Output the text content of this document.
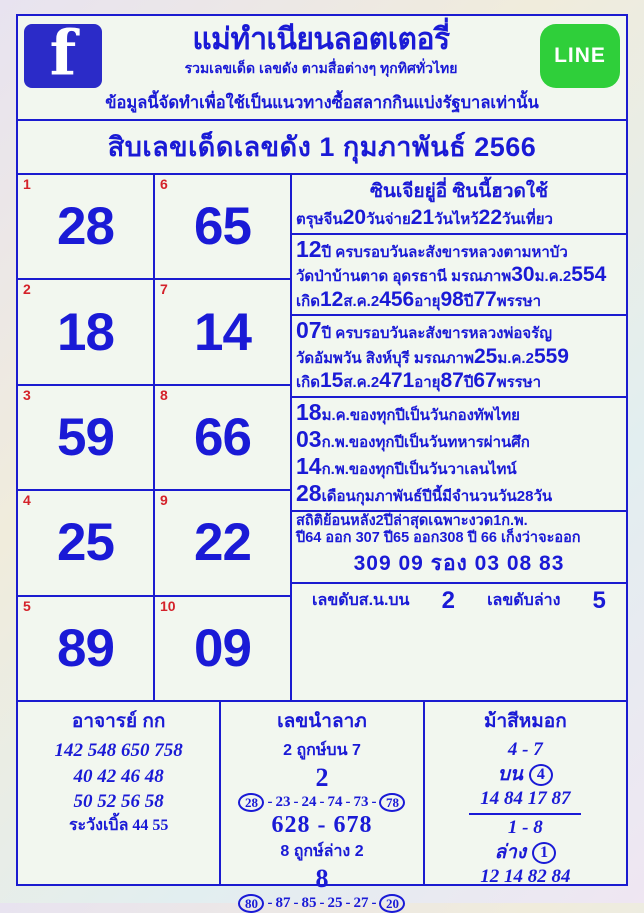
f
แม่ทำเนียนลอตเตอรี่
รวมเลขเด็ด เลขดัง ตามสื่อต่างๆ ทุกทิศทั่วไทย
LINE
ข้อมูลนี้จัดทำเพื่อใช้เป็นแนวทางซื้อสลากกินแบ่งรัฐบาลเท่านั้น
สิบเลขเด็ดเลขดัง 1 กุมภาพันธ์ 2566
1
28
6
65
2
18
7
14
3
59
8
66
4
25
9
22
5
89
10
09
ซินเจียยู่อี่ ซินนี้ฮวดใช้
ตรุษจีน20วันจ่าย21วันไหว้22วันเที่ยว
12ปี ครบรอบวันละสังขารหลวงตามหาบัว
วัดป่าบ้านตาด อุดรธานี มรณภาพ30ม.ค.2554
เกิด12ส.ค.2456อายุ98ปี77พรรษา
07ปี ครบรอบวันละสังขารหลวงพ่อจรัญ
วัดอัมพวัน สิงห์บุรี มรณภาพ25ม.ค.2559
เกิด15ส.ค.2471อายุ87ปี67พรรษา
18ม.ค.ของทุกปีเป็นวันกองทัพไทย
03ก.พ.ของทุกปีเป็นวันทหารผ่านศึก
14ก.พ.ของทุกปีเป็นวันวาเลนไทน์
28เดือนกุมภาพันธ์ปีนี้มีจำนวนวัน28วัน
สถิติย้อนหลัง2ปีล่าสุดเฉพาะงวด1ก.พ.
ปี64 ออก 307 ปี65 ออก308 ปี 66 เก็งว่าจะออก
309 09 รอง 03 08 83
เลขดับส.น.บน 2 เลขดับล่าง 5
อาจารย์ กก
142 548 650 758
40 42 46 48
50 52 56 58
ระวังเบิ้ล 44 55
เลขนำลาภ
2 ถูกษ์บน 7
2
28 - 23 - 24 - 74 - 73 - 78
628 - 678
8 ถูกษ์ล่าง 2
8
80 - 87 - 85 - 25 - 27 - 20
ม้าสีหมอก
4 - 7
บน 4
14 84 17 87
1 - 8
ล่าง 1
12 14 82 84
